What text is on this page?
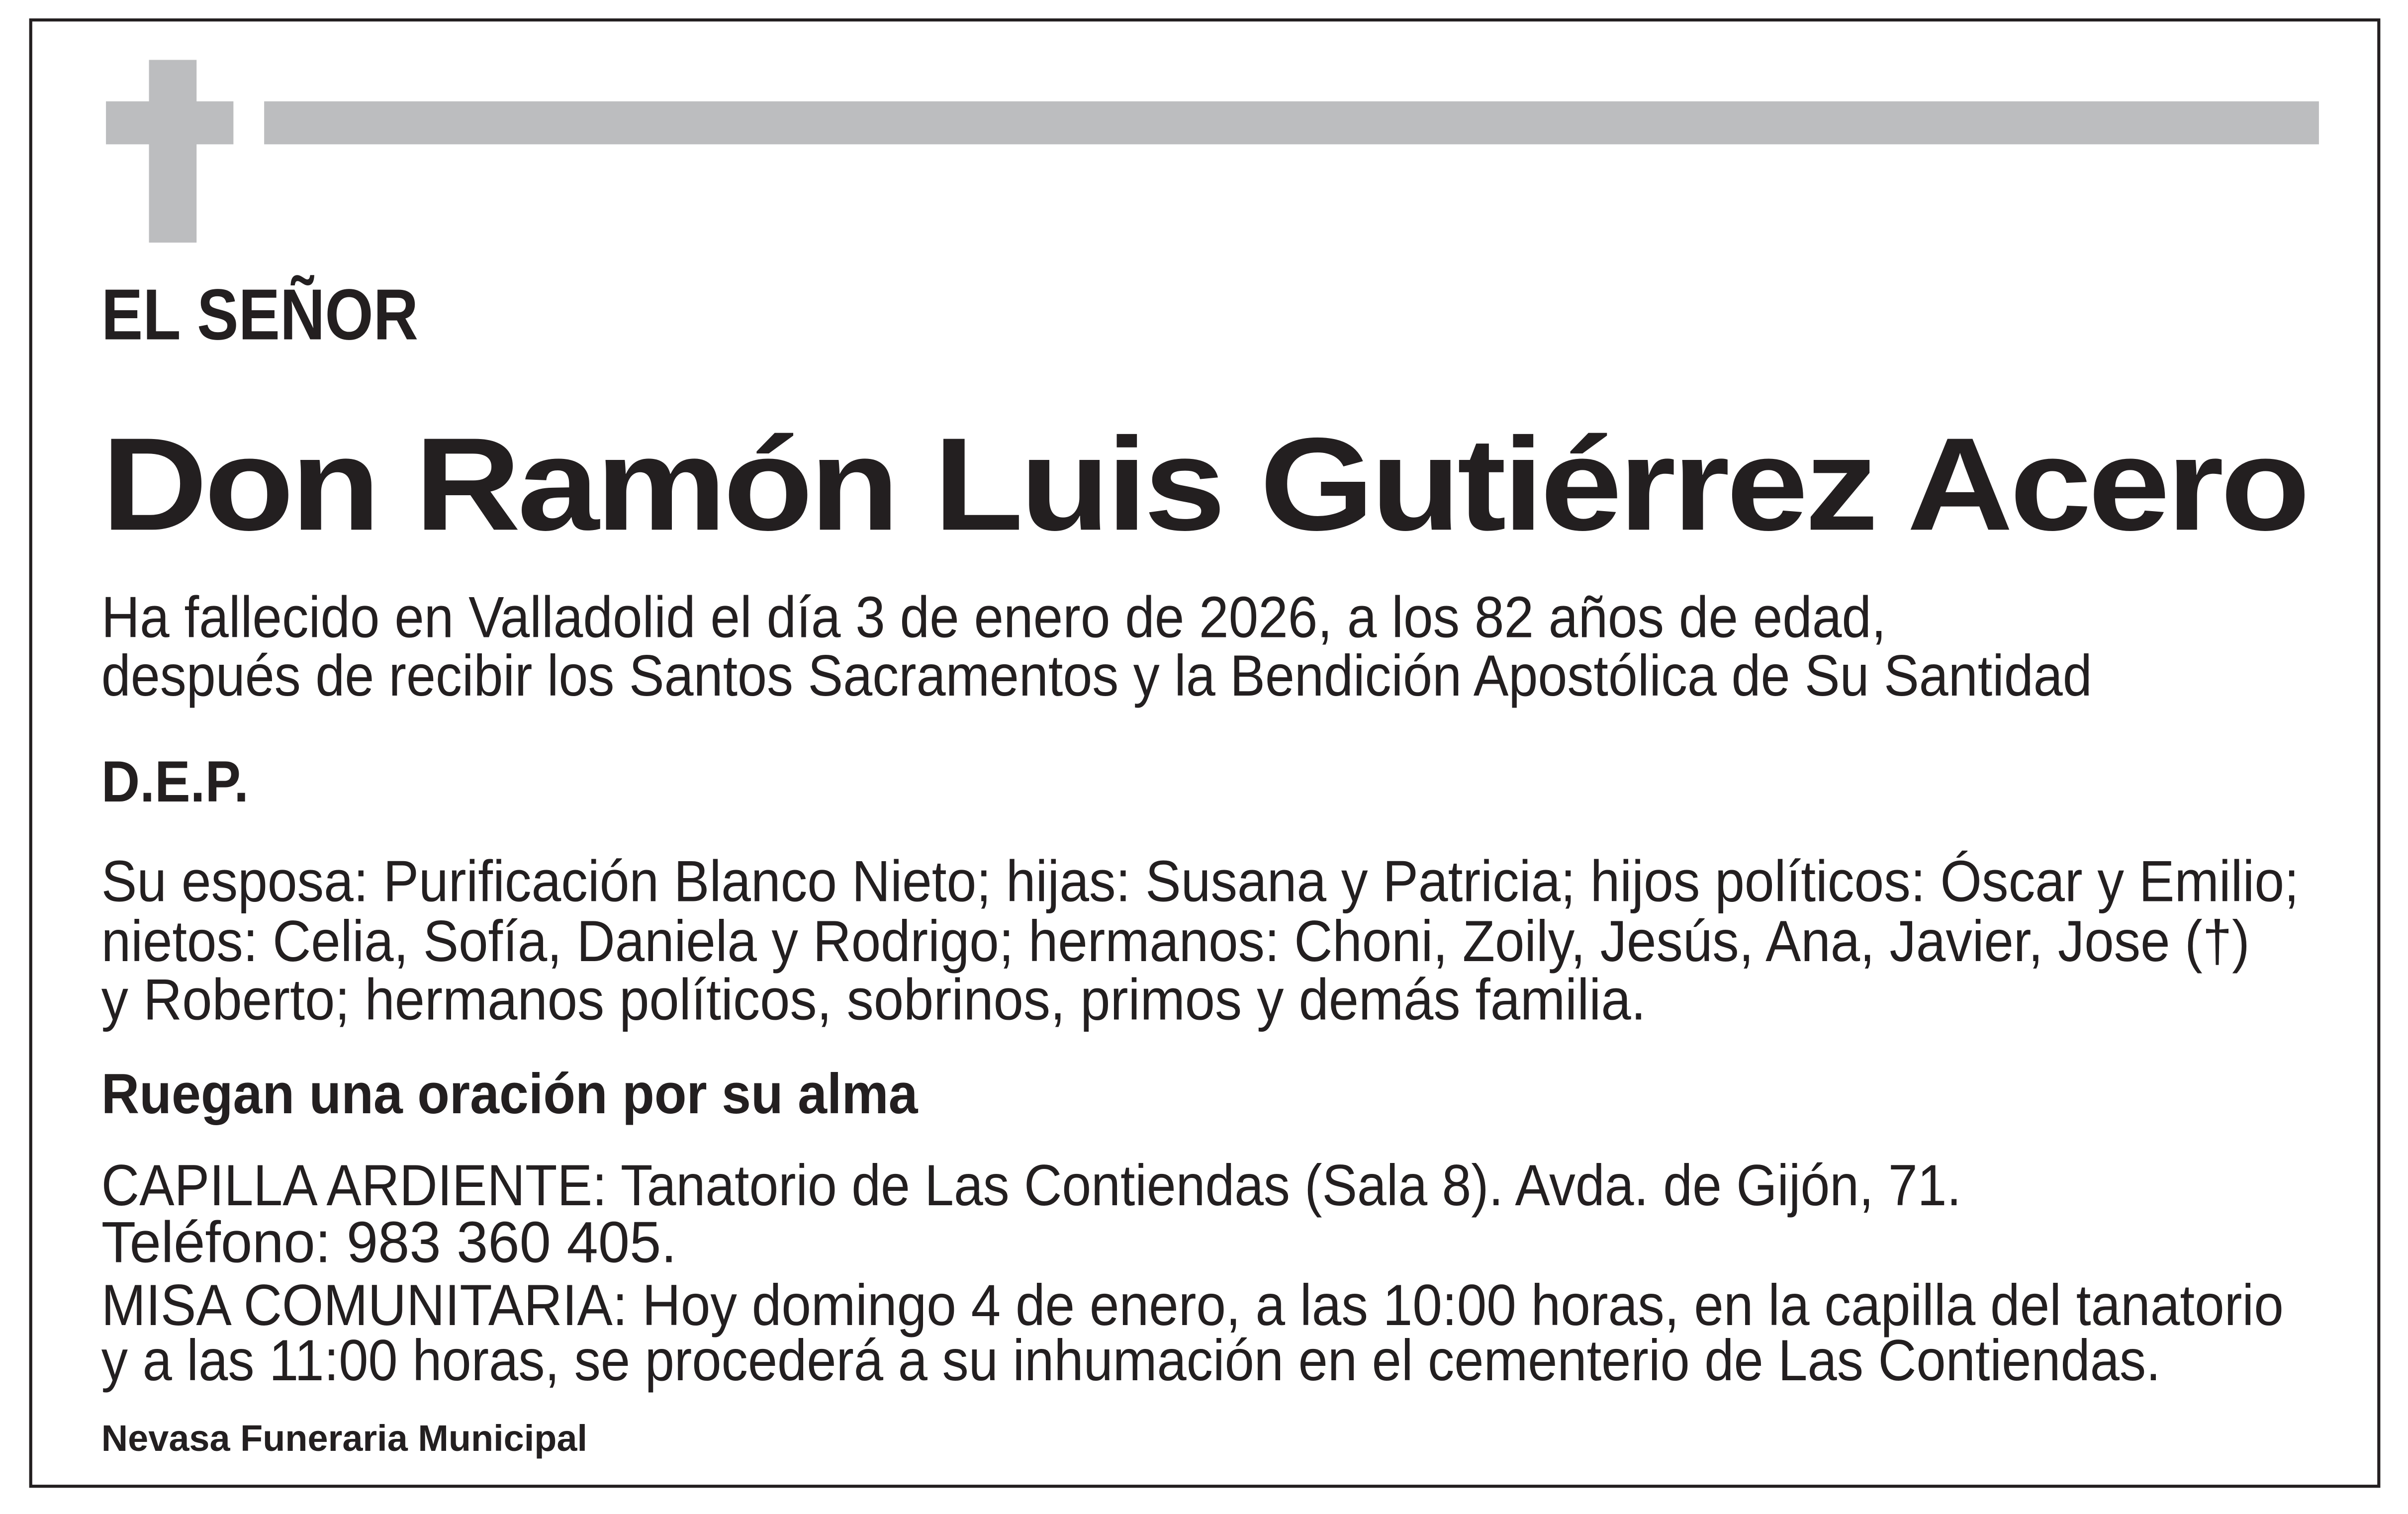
EL SEÑOR
Don Ramón Luis Gutiérrez Acero
Ha fallecido en Valladolid el día 3 de enero de 2026, a los 82 años de edad,
después de recibir los Santos Sacramentos y la Bendición Apostólica de Su Santidad
D.E.P.
Su esposa: Purificación Blanco Nieto; hijas: Susana y Patricia; hijos políticos: Óscar y Emilio;
nietos: Celia, Sofía, Daniela y Rodrigo; hermanos: Choni, Zoily, Jesús, Ana, Javier, Jose (†)
y Roberto; hermanos políticos, sobrinos, primos y demás familia.
Ruegan una oración por su alma
CAPILLA ARDIENTE: Tanatorio de Las Contiendas (Sala 8). Avda. de Gijón, 71.
Teléfono: 983 360 405.
MISA COMUNITARIA: Hoy domingo 4 de enero, a las 10:00 horas, en la capilla del tanatorio
y a las 11:00 horas, se procederá a su inhumación en el cementerio de Las Contiendas.
Nevasa Funeraria Municipal
